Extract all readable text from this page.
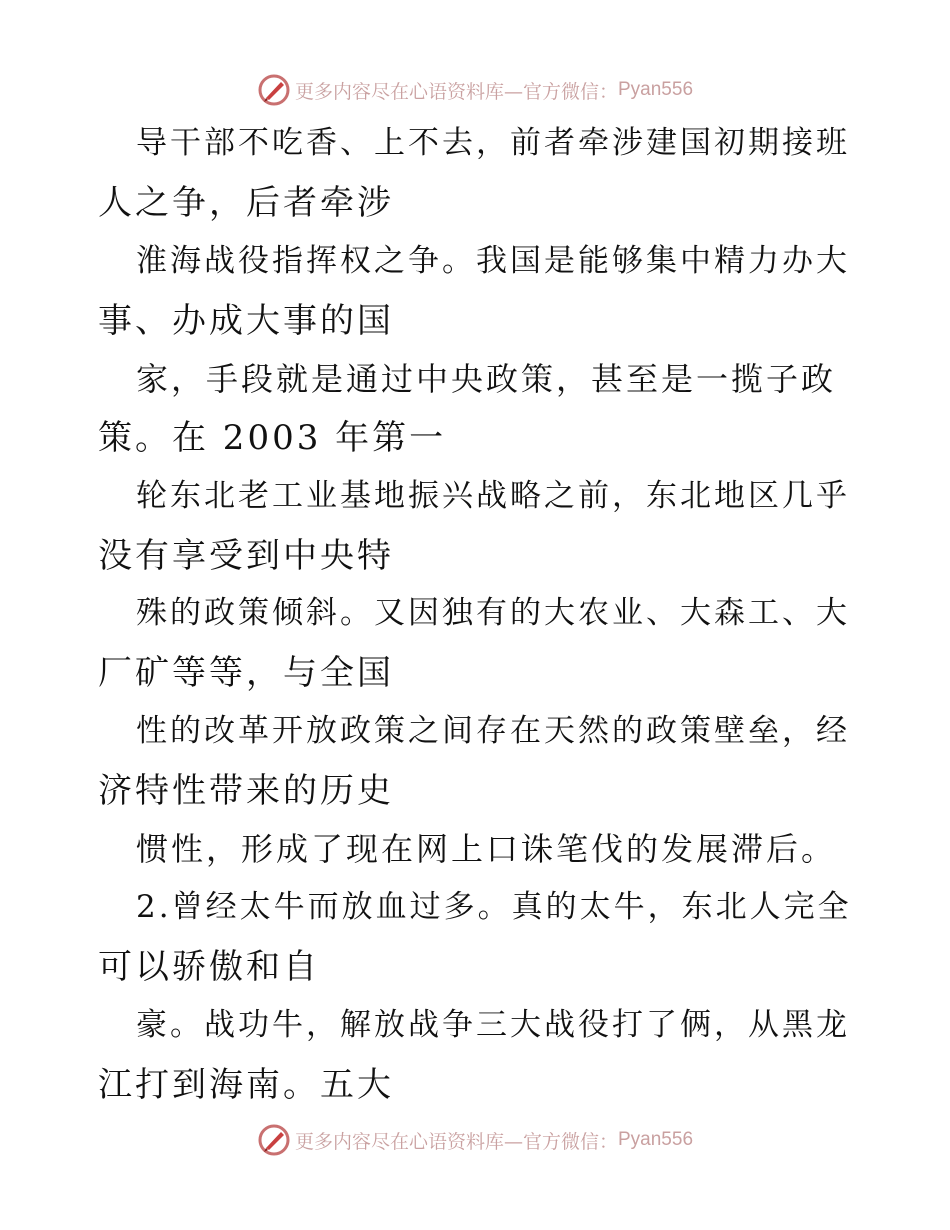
更多内容尽在心语资料库—官方微信： Pyan556
导干部不吃香、上不去，前者牵涉建国初期接班
人之争，后者牵涉
淮海战役指挥权之争。我国是能够集中精力办大
事、办成大事的国
家，手段就是通过中央政策，甚至是一揽子政
策。在 2003 年第一
轮东北老工业基地振兴战略之前，东北地区几乎
没有享受到中央特
殊的政策倾斜。又因独有的大农业、大森工、大
厂矿等等，与全国
性的改革开放政策之间存在天然的政策壁垒，经
济特性带来的历史
惯性，形成了现在网上口诛笔伐的发展滞后。
2.曾经太牛而放血过多。真的太牛，东北人完全
可以骄傲和自
豪。战功牛，解放战争三大战役打了俩，从黑龙
江打到海南。五大
更多内容尽在心语资料库—官方微信： Pyan556
